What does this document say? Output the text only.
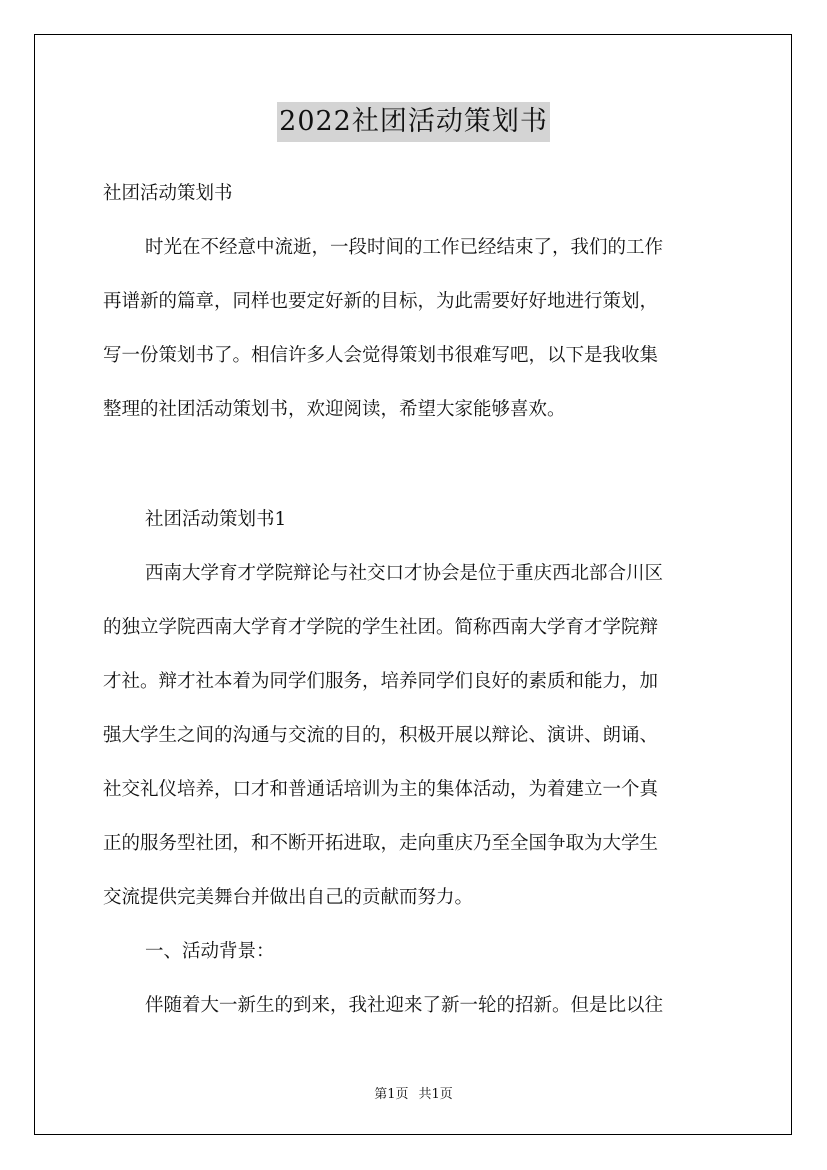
2022社团活动策划书
社团活动策划书
时光在不经意中流逝，一段时间的工作已经结束了，我们的工作
再谱新的篇章，同样也要定好新的目标，为此需要好好地进行策划，
写一份策划书了。相信许多人会觉得策划书很难写吧，以下是我收集
整理的社团活动策划书，欢迎阅读，希望大家能够喜欢。
社团活动策划书1
西南大学育才学院辩论与社交口才协会是位于重庆西北部合川区
的独立学院西南大学育才学院的学生社团。简称西南大学育才学院辩
才社。辩才社本着为同学们服务，培养同学们良好的素质和能力，加
强大学生之间的沟通与交流的目的，积极开展以辩论、演讲、朗诵、
社交礼仪培养，口才和普通话培训为主的集体活动，为着建立一个真
正的服务型社团，和不断开拓进取，走向重庆乃至全国争取为大学生
交流提供完美舞台并做出自己的贡献而努力。
一、活动背景：
伴随着大一新生的到来，我社迎来了新一轮的招新。但是比以往
第1页 共1页
